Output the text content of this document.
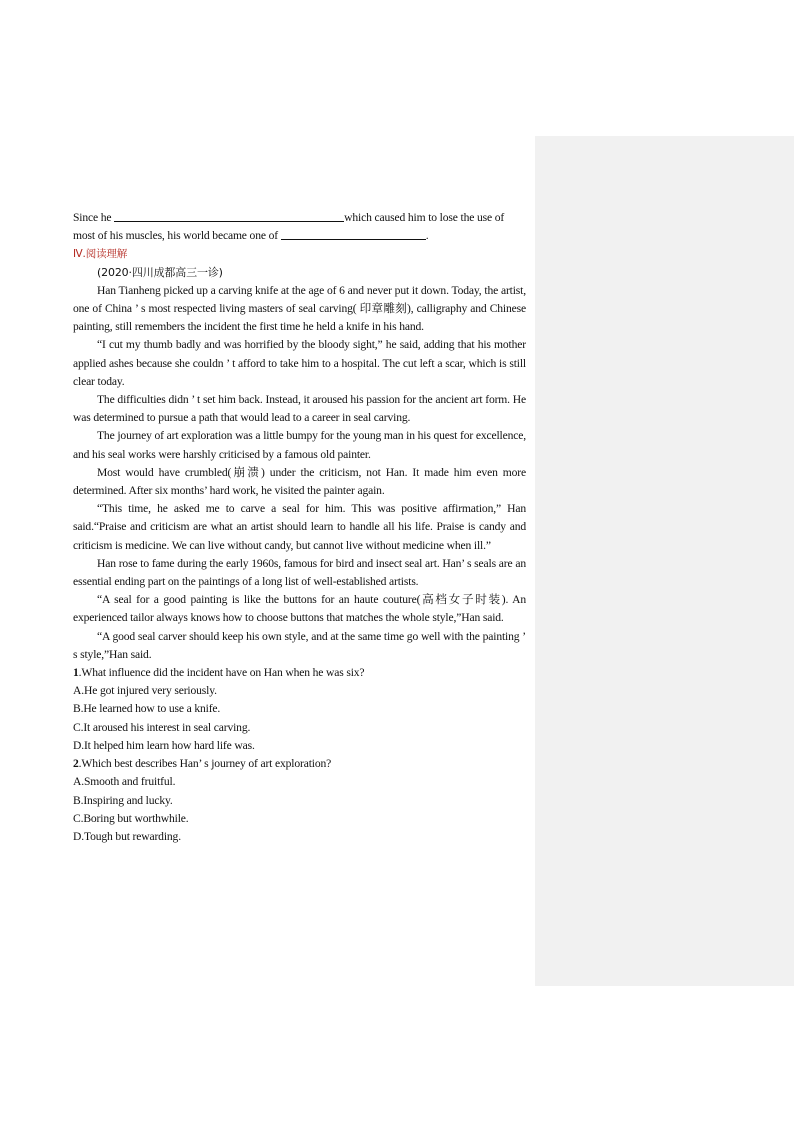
Since he	which caused him to lose the use of
most of his muscles, his world became one of	.
Ⅳ.阅读理解
(2020·四川成都高三一诊)
Han Tianheng picked up a carving knife at the age of 6 and never put it down. Today, the artist, one of China ’ s most respected living masters of seal carving( 印章雕刻), calligraphy and Chinese painting, still remembers the incident the first time he held a knife in his hand.
“I cut my thumb badly and was horrified by the bloody sight,” he said, adding that his mother applied ashes because she couldn ’ t afford to take him to a hospital. The cut left a scar, which is still clear today.
The difficulties didn ’ t set him back. Instead, it aroused his passion for the ancient art form. He was determined to pursue a path that would lead to a career in seal carving.
The journey of art exploration was a little bumpy for the young man in his quest for excellence, and his seal works were harshly criticised by a famous old painter.
Most would have crumbled(崩溃) under the criticism, not Han. It made him even more determined. After six months’ hard work, he visited the painter again.
“This time, he asked me to carve a seal for him. This was positive affirmation,” Han said.“Praise and criticism are what an artist should learn to handle all his life. Praise is candy and criticism is medicine. We can live without candy, but cannot live without medicine when ill.”
Han rose to fame during the early 1960s, famous for bird and insect seal art. Han’ s seals are an essential ending part on the paintings of a long list of well-established artists.
“A seal for a good painting is like the buttons for an haute couture(高档女子时装). An experienced tailor always knows how to choose buttons that matches the whole style,”Han said.
“A good seal carver should keep his own style, and at the same time go well with the painting ’ s style,”Han said.
1.What influence did the incident have on Han when he was six?
A.He got injured very seriously.
B.He learned how to use a knife.
C.It aroused his interest in seal carving.
D.It helped him learn how hard life was.
2.Which best describes Han’ s journey of art exploration?
A.Smooth and fruitful.
B.Inspiring and lucky.
C.Boring but worthwhile.
D.Tough but rewarding.
